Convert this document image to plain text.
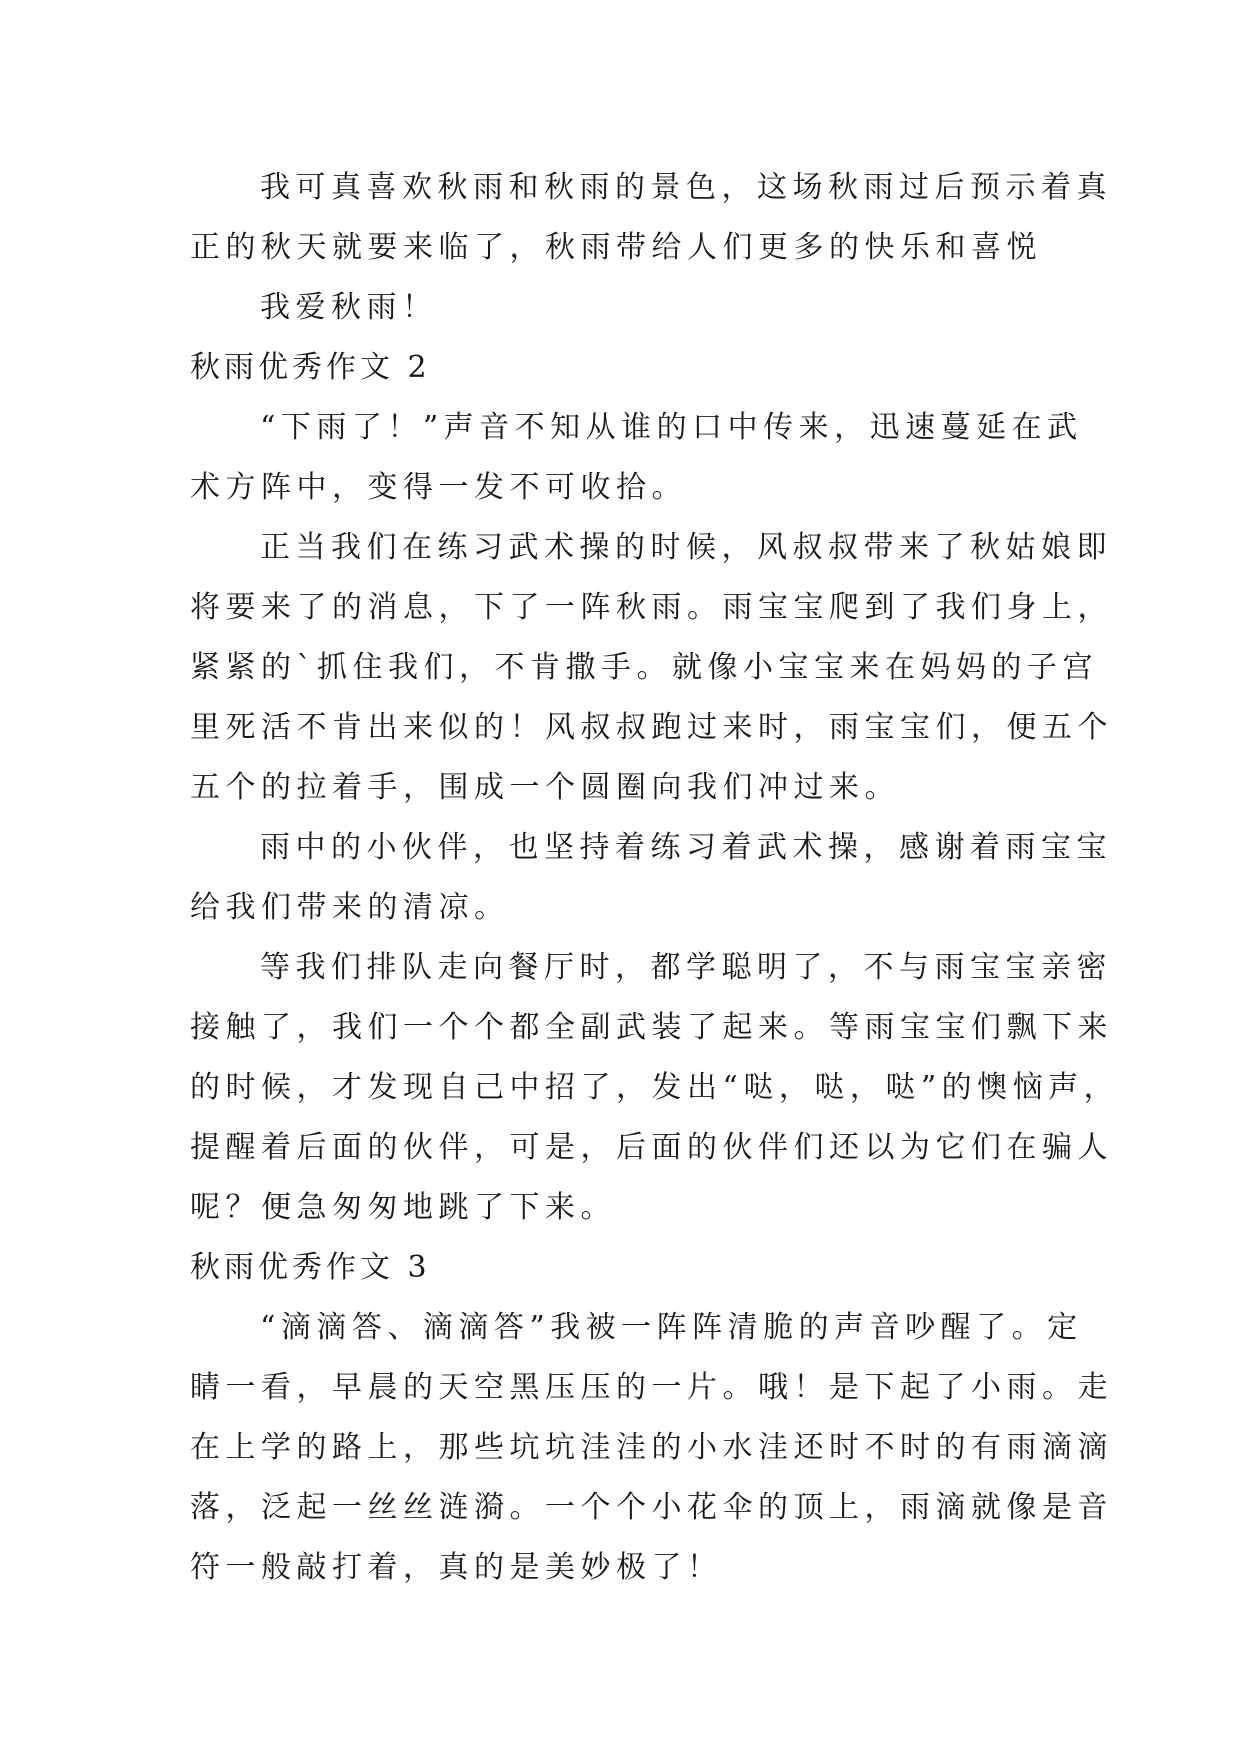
我可真喜欢秋雨和秋雨的景色，这场秋雨过后预示着真
正的秋天就要来临了，秋雨带给人们更多的快乐和喜悦

我爱秋雨！

秋雨优秀作文 2

“下雨了！”声音不知从谁的口中传来，迅速蔓延在武
术方阵中，变得一发不可收拾。

正当我们在练习武术操的时候，风叔叔带来了秋姑娘即
将要来了的消息，下了一阵秋雨。雨宝宝爬到了我们身上，
紧紧的`抓住我们，不肯撒手。就像小宝宝来在妈妈的子宫
里死活不肯出来似的！风叔叔跑过来时，雨宝宝们，便五个
五个的拉着手，围成一个圆圈向我们冲过来。

雨中的小伙伴，也坚持着练习着武术操，感谢着雨宝宝
给我们带来的清凉。

等我们排队走向餐厅时，都学聪明了，不与雨宝宝亲密
接触了，我们一个个都全副武装了起来。等雨宝宝们飘下来
的时候，才发现自己中招了，发出“哒，哒，哒”的懊恼声，
提醒着后面的伙伴，可是，后面的伙伴们还以为它们在骗人
呢？便急匆匆地跳了下来。

秋雨优秀作文 3

“滴滴答、滴滴答”我被一阵阵清脆的声音吵醒了。定
睛一看，早晨的天空黑压压的一片。哦！是下起了小雨。走
在上学的路上，那些坑坑洼洼的小水洼还时不时的有雨滴滴
落，泛起一丝丝涟漪。一个个小花伞的顶上，雨滴就像是音
符一般敲打着，真的是美妙极了！
